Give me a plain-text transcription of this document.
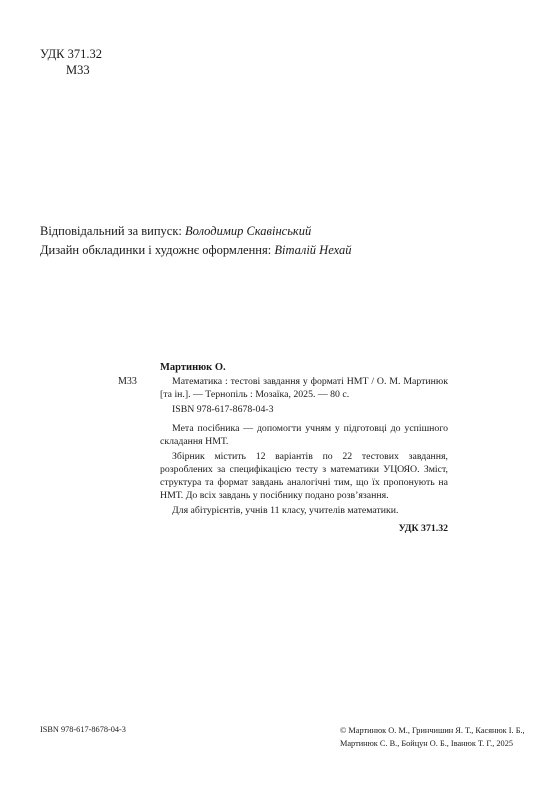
УДК 371.32
М33
Відповідальний за випуск: Володимир Скавінський
Дизайн обкладинки і художнє оформлення: Віталій Нехай
Мартинюк О.
М33	Математика : тестові завдання у форматі НМТ / О. М. Мартинюк [та ін.]. — Тернопіль : Мозаїка, 2025. — 80 с.

ISBN 978-617-8678-04-3

Мета посібника — допомогти учням у підготовці до успішного складання НМТ.

Збірник містить 12 варіантів по 22 тестових завдання, розроблених за специфікацією тесту з математики УЦОЯО. Зміст, структура та формат завдань аналогічні тим, що їх пропонують на НМТ. До всіх завдань у посібнику подано розв’язання.

Для абітурієнтів, учнів 11 класу, учителів математики.

УДК 371.32

ISBN 978-617-8678-04-3	© Мартинюк О. М., Гринчишин Я. Т., Касянюк І. Б.,
Мартинюк С. В., Бойцун О. Б., Іванюк Т. Г., 2025
